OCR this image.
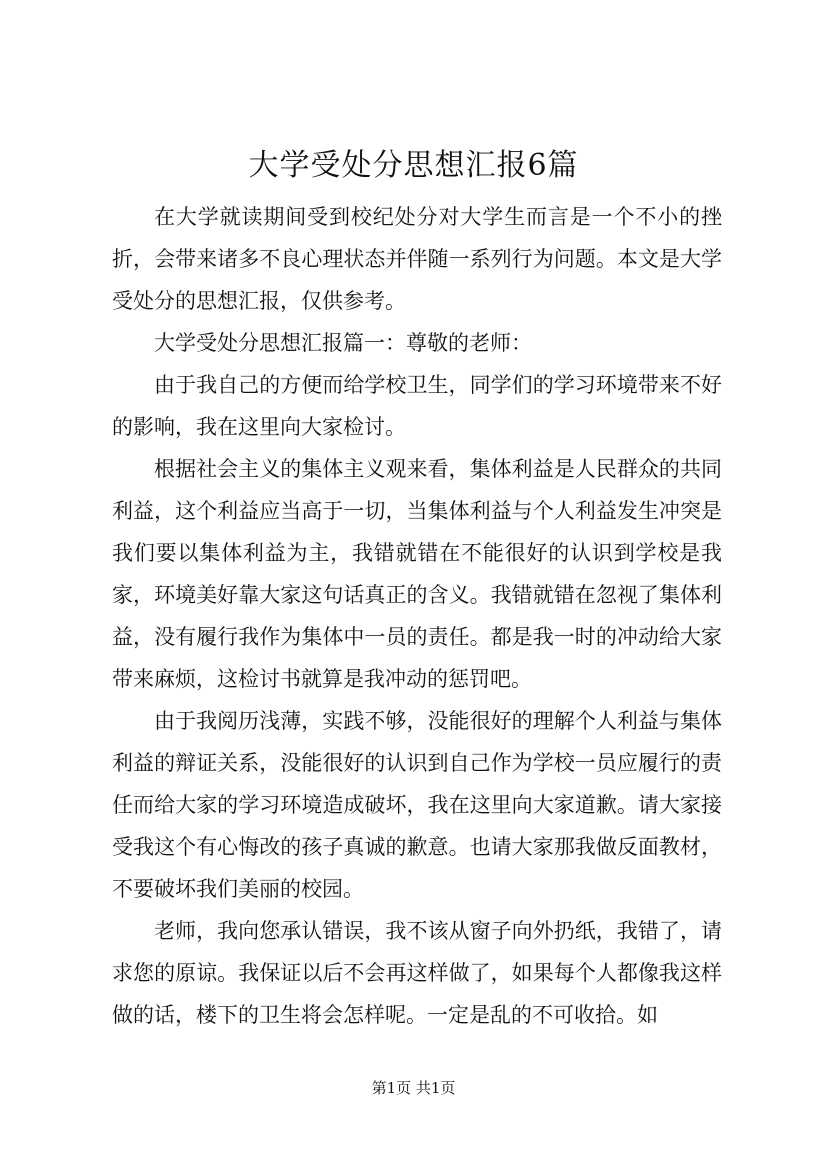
大学受处分思想汇报6篇

在大学就读期间受到校纪处分对大学生而言是一个不小的挫折，会带来诸多不良心理状态并伴随一系列行为问题。本文是大学受处分的思想汇报，仅供参考。

大学受处分思想汇报篇一：尊敬的老师：

由于我自己的方便而给学校卫生，同学们的学习环境带来不好的影响，我在这里向大家检讨。

根据社会主义的集体主义观来看，集体利益是人民群众的共同利益，这个利益应当高于一切，当集体利益与个人利益发生冲突是我们要以集体利益为主，我错就错在不能很好的认识到学校是我家，环境美好靠大家这句话真正的含义。我错就错在忽视了集体利益，没有履行我作为集体中一员的责任。都是我一时的冲动给大家带来麻烦，这检讨书就算是我冲动的惩罚吧。

由于我阅历浅薄，实践不够，没能很好的理解个人利益与集体利益的辩证关系，没能很好的认识到自己作为学校一员应履行的责任而给大家的学习环境造成破坏，我在这里向大家道歉。请大家接受我这个有心悔改的孩子真诚的歉意。也请大家那我做反面教材，不要破坏我们美丽的校园。

老师，我向您承认错误，我不该从窗子向外扔纸，我错了，请求您的原谅。我保证以后不会再这样做了，如果每个人都像我这样做的话，楼下的卫生将会怎样呢。一定是乱的不可收拾。如

第1页 共1页
